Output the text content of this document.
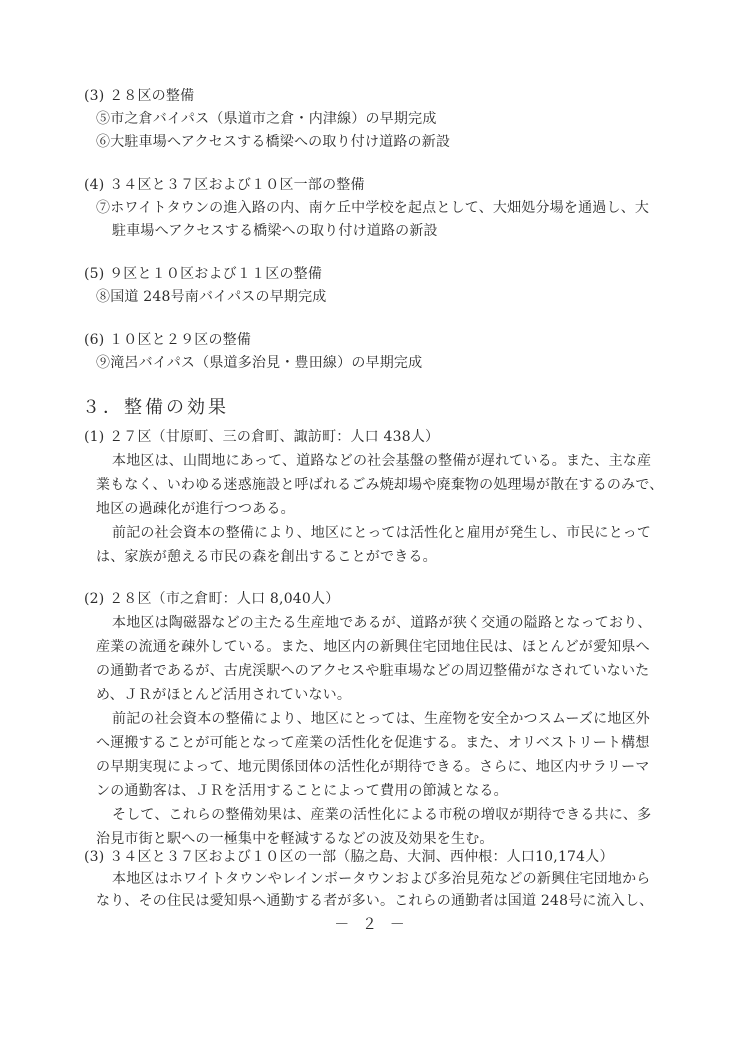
(3) ２８区の整備
⑤市之倉バイパス（県道市之倉・内津線）の早期完成
⑥大駐車場へアクセスする橋梁への取り付け道路の新設
(4) ３４区と３７区および１０区一部の整備
⑦ホワイトタウンの進入路の内、南ケ丘中学校を起点として、大畑処分場を通過し、大
駐車場へアクセスする橋梁への取り付け道路の新設
(5) ９区と１０区および１１区の整備
⑧国道 248号南バイパスの早期完成
(6) １０区と２９区の整備
⑨滝呂バイパス（県道多治見・豊田線）の早期完成
３．整備の効果
(1) ２７区（甘原町、三の倉町、諏訪町：人口 438人）
本地区は、山間地にあって、道路などの社会基盤の整備が遅れている。また、主な産
業もなく、いわゆる迷惑施設と呼ばれるごみ焼却場や廃棄物の処理場が散在するのみで、
地区の過疎化が進行つつある。
前記の社会資本の整備により、地区にとっては活性化と雇用が発生し、市民にとって
は、家族が憩える市民の森を創出することができる。
(2) ２８区（市之倉町：人口 8,040人）
本地区は陶磁器などの主たる生産地であるが、道路が狭く交通の隘路となっており、
産業の流通を疎外している。また、地区内の新興住宅団地住民は、ほとんどが愛知県へ
の通勤者であるが、古虎渓駅へのアクセスや駐車場などの周辺整備がなされていないた
め、ＪＲがほとんど活用されていない。
前記の社会資本の整備により、地区にとっては、生産物を安全かつスムーズに地区外
へ運搬することが可能となって産業の活性化を促進する。また、オリベストリート構想
の早期実現によって、地元関係団体の活性化が期待できる。さらに、地区内サラリーマ
ンの通勤客は、ＪＲを活用することによって費用の節減となる。
そして、これらの整備効果は、産業の活性化による市税の増収が期待できる共に、多
治見市街と駅への一極集中を軽減するなどの波及効果を生む。
(3) ３４区と３７区および１０区の一部（脇之島、大洞、西仲根：人口10,174人）
本地区はホワイトタウンやレインボータウンおよび多治見苑などの新興住宅団地から
なり、その住民は愛知県へ通勤する者が多い。これらの通勤者は国道 248号に流入し、
－ ２ －
